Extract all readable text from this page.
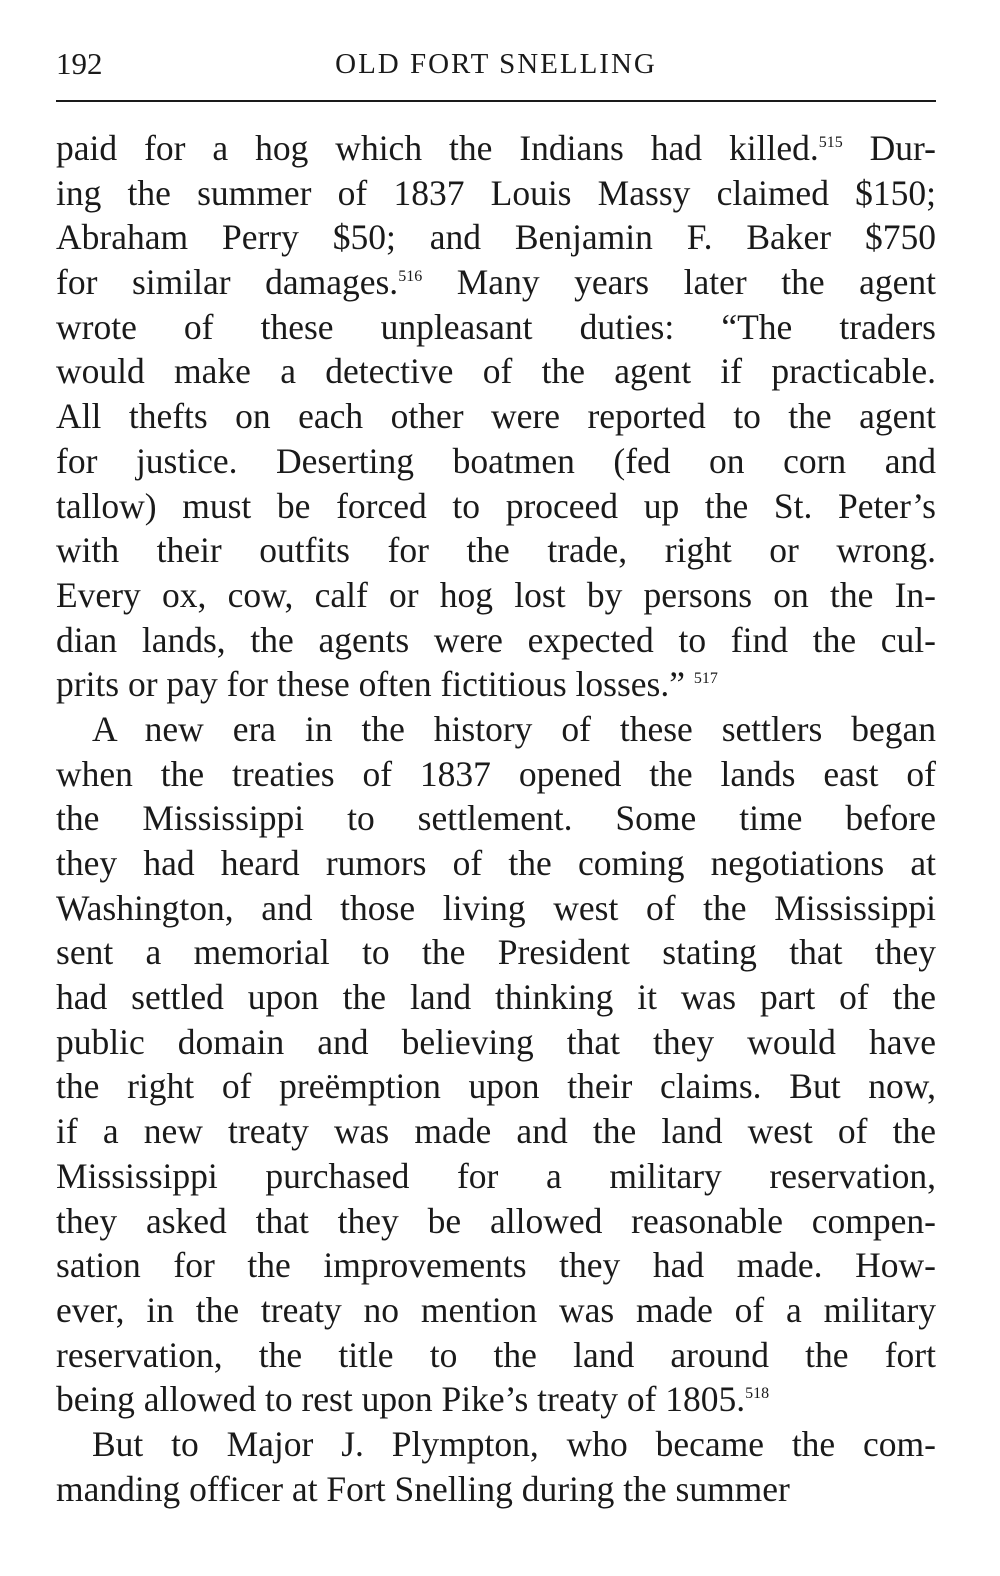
192	OLD FORT SNELLING
paid for a hog which the Indians had killed.$^{515}$ Dur-
ing the summer of 1837 Louis Massy claimed $150;
Abraham Perry $50; and Benjamin F. Baker $750
for similar damages.$^{516}$ Many years later the agent
wrote of these unpleasant duties: “The traders
would make a detective of the agent if practicable.
All thefts on each other were reported to the agent
for justice. Deserting boatmen (fed on corn and
tallow) must be forced to proceed up the St. Peter’s
with their outfits for the trade, right or wrong.
Every ox, cow, calf or hog lost by persons on the In-
dian lands, the agents were expected to find the cul-
prits or pay for these often fictitious losses.” $^{517}$
A new era in the history of these settlers began
when the treaties of 1837 opened the lands east of
the Mississippi to settlement. Some time before
they had heard rumors of the coming negotiations at
Washington, and those living west of the Mississippi
sent a memorial to the President stating that they
had settled upon the land thinking it was part of the
public domain and believing that they would have
the right of preëmption upon their claims. But now,
if a new treaty was made and the land west of the
Mississippi purchased for a military reservation,
they asked that they be allowed reasonable compen-
sation for the improvements they had made. How-
ever, in the treaty no mention was made of a military
reservation, the title to the land around the fort
being allowed to rest upon Pike’s treaty of 1805.$^{518}$
But to Major J. Plympton, who became the com-
manding officer at Fort Snelling during the summer
